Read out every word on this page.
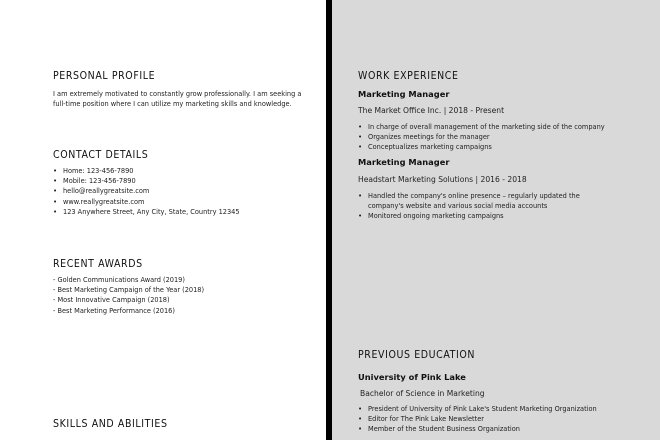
PERSONAL PROFILE
I am extremely motivated to constantly grow professionally. I am seeking a full-time position where I can utilize my marketing skills and knowledge.
CONTACT DETAILS
• Home: 123-456-7890
• Mobile: 123-456-7890
• hello@reallygreatsite.com
• www.reallygreatsite.com
• 123 Anywhere Street, Any City, State, Country 12345
RECENT AWARDS
- Golden Communications Award (2019)
- Best Marketing Campaign of the Year (2018)
- Most Innovative Campaign (2018)
- Best Marketing Performance (2016)
SKILLS AND ABILITIES
WORK EXPERIENCE
Marketing Manager
The Market Office Inc. | 2018 - Present
• In charge of overall management of the marketing side of the company
• Organizes meetings for the manager
• Conceptualizes marketing campaigns
Marketing Manager
Headstart Marketing Solutions | 2016 - 2018
• Handled the company's online presence – regularly updated the company's website and various social media accounts
• Monitored ongoing marketing campaigns
PREVIOUS EDUCATION
University of Pink Lake
Bachelor of Science in Marketing
• President of University of Pink Lake's Student Marketing Organization
• Editor for The Pink Lake Newsletter
• Member of the Student Business Organization
